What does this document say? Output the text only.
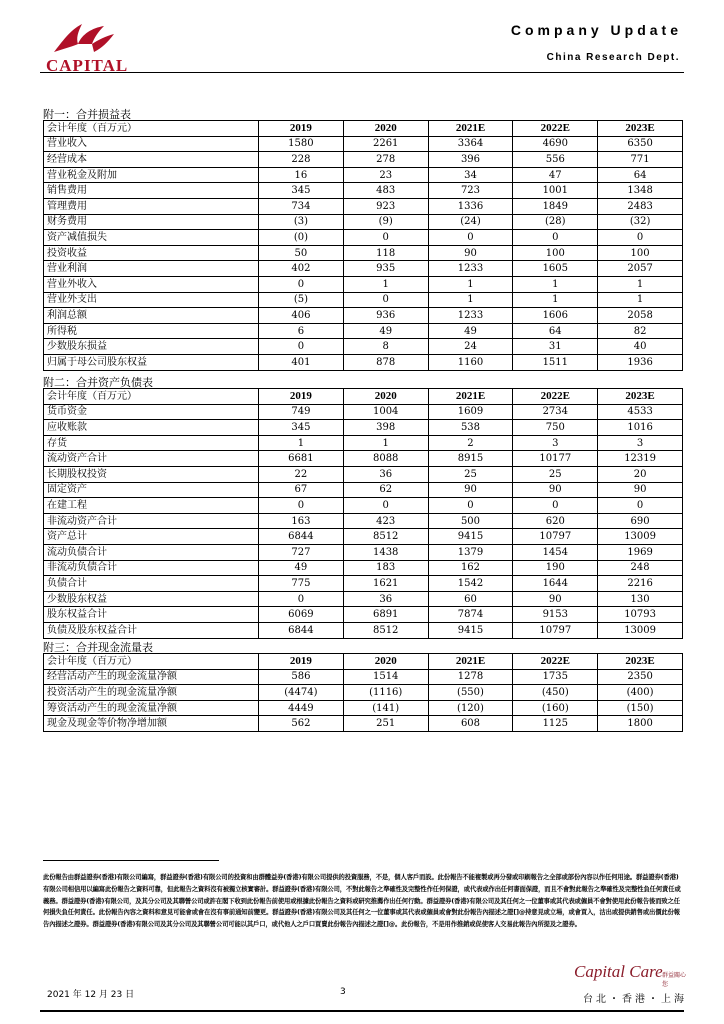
CAPITAL
Company Update
China Research Dept.
附一：合并损益表
会计年度（百万元）	2019	2020	2021E	2022E	2023E
营业收入	1580	2261	3364	4690	6350
经营成本	228	278	396	556	771
营业税金及附加	16	23	34	47	64
销售费用	345	483	723	1001	1348
管理费用	734	923	1336	1849	2483
财务费用	(3)	(9)	(24)	(28)	(32)
资产减值损失	(0)	0	0	0	0
投资收益	50	118	90	100	100
营业利润	402	935	1233	1605	2057
营业外收入	0	1	1	1	1
营业外支出	(5)	0	1	1	1
利润总额	406	936	1233	1606	2058
所得税	6	49	49	64	82
少数股东损益	0	8	24	31	40
归属于母公司股东权益	401	878	1160	1511	1936
附二：合并资产负债表
会计年度（百万元）	2019	2020	2021E	2022E	2023E
货币资金	749	1004	1609	2734	4533
应收账款	345	398	538	750	1016
存货	1	1	2	3	3
流动资产合计	6681	8088	8915	10177	12319
长期股权投资	22	36	25	25	20
固定资产	67	62	90	90	90
在建工程	0	0	0	0	0
非流动资产合计	163	423	500	620	690
资产总计	6844	8512	9415	10797	13009
流动负债合计	727	1438	1379	1454	1969
非流动负债合计	49	183	162	190	248
负债合计	775	1621	1542	1644	2216
少数股东权益	0	36	60	90	130
股东权益合计	6069	6891	7874	9153	10793
负债及股东权益合计	6844	8512	9415	10797	13009
附三：合并现金流量表
会计年度（百万元）	2019	2020	2021E	2022E	2023E
经营活动产生的现金流量净额	586	1514	1278	1735	2350
投资活动产生的现金流量净额	(4474)	(1116)	(550)	(450)	(400)
筹资活动产生的现金流量净额	4449	(141)	(120)	(160)	(150)
现金及现金等价物净增加额	562	251	608	1125	1800
此份報告由群益證券(香港)有限公司編寫，群益證券(香港)有限公司的投資和由群體益券(香港)有限公司提供的投資服務，不是，個人客戶而設。此份報告不能複製或再分發或印刷報告之全部或部份內容以作任何用途。群益證券(香港)有限公司相信用以編寫此份報告之資料可靠，但此報告之資料沒有被獨立核實審計。群益證券(香港)有限公司，不對此報告之準確性及完整性作任何保證，或代表或作出任何書面保證，而且不會對此報告之準確性及完整性負任何責任或義務。群益證券(香港)有限公司，及其分公司及其聯營公司或許在閣下收到此份報告前使用或根據此份報告之資料或研究推薦作出任何行動。群益證券(香港)有限公司及其任何之一位董事或其代表或僱員不會對使用此份報告後而致之任何損失負任何責任。此份報告內容之資料和意見可能會或會在沒有事前通知前變更。群益證券(香港)有限公司及其任何之一位董事或其代表或僱員或會對此份報告內描述之證[]@持意見或立場，或會買入，沽出或提供銷售或出價此份報告內描述之證券。群益證券(香港)有限公司及其分公司及其聯營公司可能以其戶口，或代他人之戶口買賣此份報告內描述之證[]@。此份報告，不是用作推銷或促使客人交易此報告內所提及之證券。
Capital Care 群益關心您
台北・香港・上海
2021 年 12 月 23 日	3
